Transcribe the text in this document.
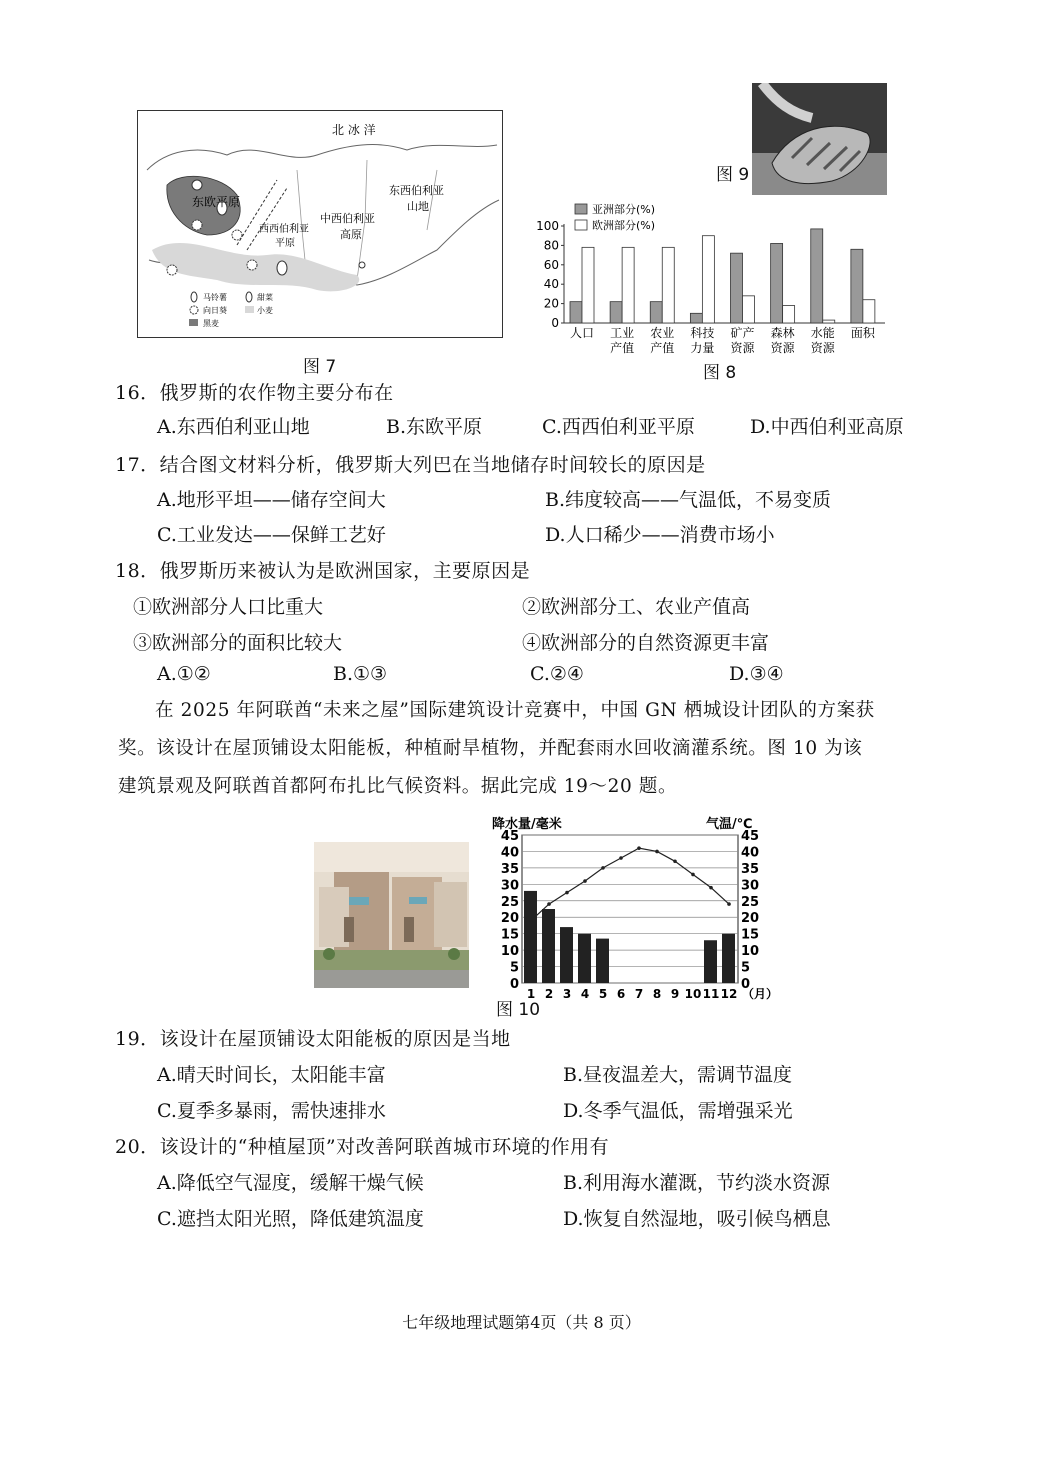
马铃薯	甜菜
向日葵	小麦
黑麦
北 冰 洋
东欧平原
西西伯利亚
平原
中西伯利亚
高原
东西伯利亚
山地
图 7
图 9
亚洲部分(%)
欧洲部分(%)
0
20
40
60
80
100
人口 工业
产值
农业
产值
科技
力量
矿产
资源
森林
资源
水能
资源
面积
图 8
16．俄罗斯的农作物主要分布在
A.东西伯利亚山地	B.东欧平原	C.西西伯利亚平原	D.中西伯利亚高原
17．结合图文材料分析，俄罗斯大列巴在当地储存时间较长的原因是
A.地形平坦——储存空间大	B.纬度较高——气温低，不易变质
C.工业发达——保鲜工艺好	D.人口稀少——消费市场小
18．俄罗斯历来被认为是欧洲国家，主要原因是
①欧洲部分人口比重大	②欧洲部分工、农业产值高
③欧洲部分的面积比较大	④欧洲部分的自然资源更丰富
A.①②	B.①③	C.②④	D.③④
在 2025 年阿联酋“未来之屋”国际建筑设计竞赛中，中国 GN 栖城设计团队的方案获
奖。该设计在屋顶铺设太阳能板，种植耐旱植物，并配套雨水回收滴灌系统。图 10 为该
建筑景观及阿联酋首都阿布扎比气候资料。据此完成 19～20 题。
降水量/毫米	气温/℃
0	0
5	5
10	10
15	15
20	20
25	25
30	30
35	35
40	40
45	45
1 2 3 4 5 6 7 8 9 10 11 12 （月）
图 10
19．该设计在屋顶铺设太阳能板的原因是当地
A.晴天时间长，太阳能丰富	B.昼夜温差大，需调节温度
C.夏季多暴雨，需快速排水	D.冬季气温低，需增强采光
20．该设计的“种植屋顶”对改善阿联酋城市环境的作用有
A.降低空气湿度，缓解干燥气候	B.利用海水灌溉，节约淡水资源
C.遮挡太阳光照，降低建筑温度	D.恢复自然湿地，吸引候鸟栖息
七年级地理试题第4页（共 8 页）
